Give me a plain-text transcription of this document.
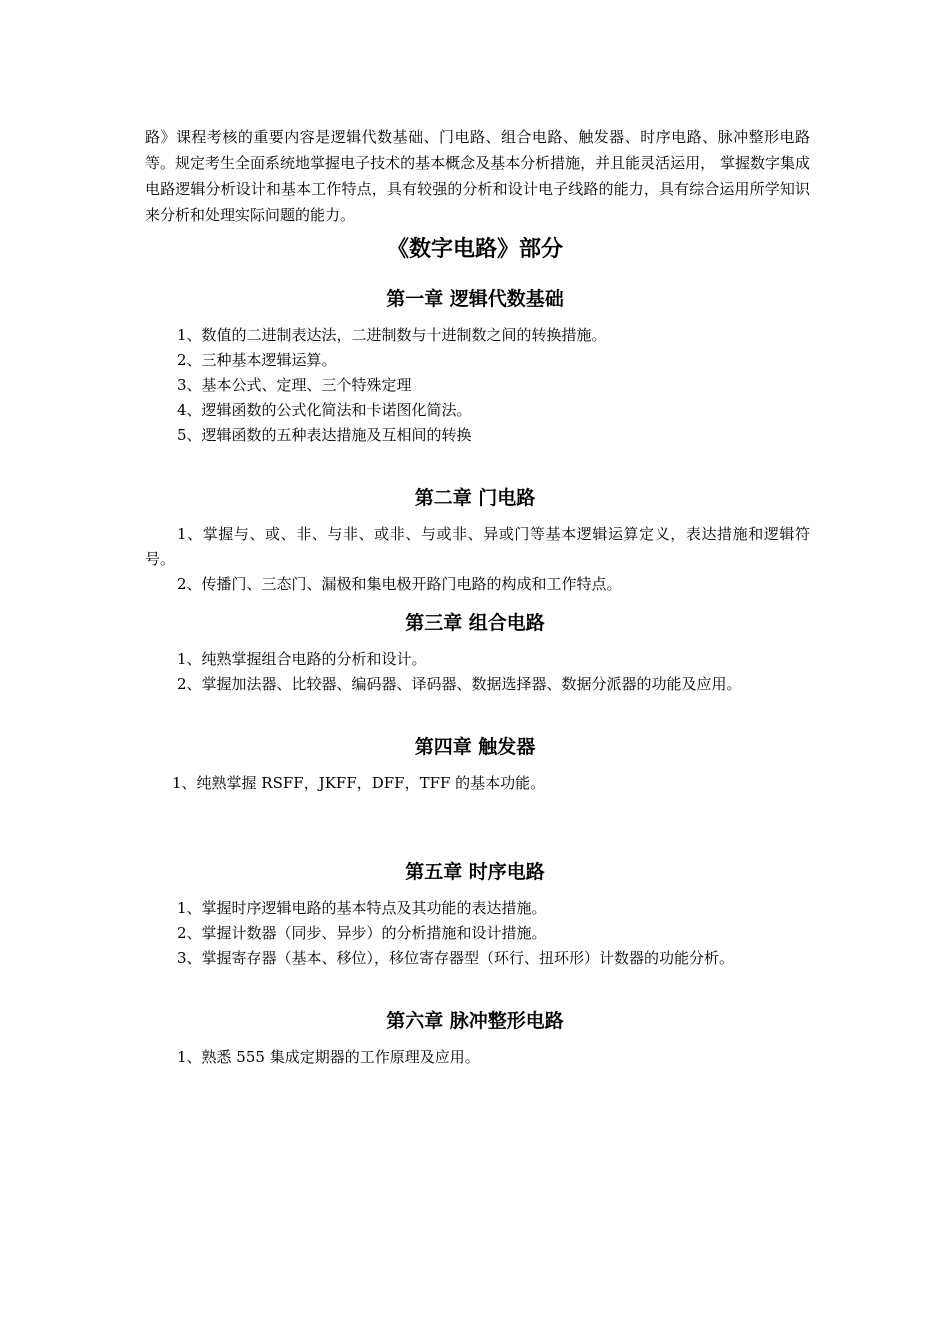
路》课程考核的重要内容是逻辑代数基础、门电路、组合电路、触发器、时序电路、脉冲整形电路等。规定考生全面系统地掌握电子技术的基本概念及基本分析措施，并且能灵活运用， 掌握数字集成电路逻辑分析设计和基本工作特点，具有较强的分析和设计电子线路的能力，具有综合运用所学知识来分析和处理实际问题的能力。

《数字电路》部分
第一章 逻辑代数基础
1、数值的二进制表达法，二进制数与十进制数之间的转换措施。
2、三种基本逻辑运算。
3、基本公式、定理、三个特殊定理
4、逻辑函数的公式化简法和卡诺图化简法。
5、逻辑函数的五种表达措施及互相间的转换
第二章 门电路
1、掌握与、或、非、与非、或非、与或非、异或门等基本逻辑运算定义，表达措施和逻辑符号。
2、传播门、三态门、漏极和集电极开路门电路的构成和工作特点。
第三章 组合电路
1、纯熟掌握组合电路的分析和设计。
2、掌握加法器、比较器、编码器、译码器、数据选择器、数据分派器的功能及应用。
第四章 触发器
1、纯熟掌握 RSFF，JKFF，DFF，TFF 的基本功能。
第五章 时序电路
1、掌握时序逻辑电路的基本特点及其功能的表达措施。
2、掌握计数器（同步、异步）的分析措施和设计措施。
3、掌握寄存器（基本、移位），移位寄存器型（环行、扭环形）计数器的功能分析。
第六章 脉冲整形电路
1、熟悉 555 集成定期器的工作原理及应用。
